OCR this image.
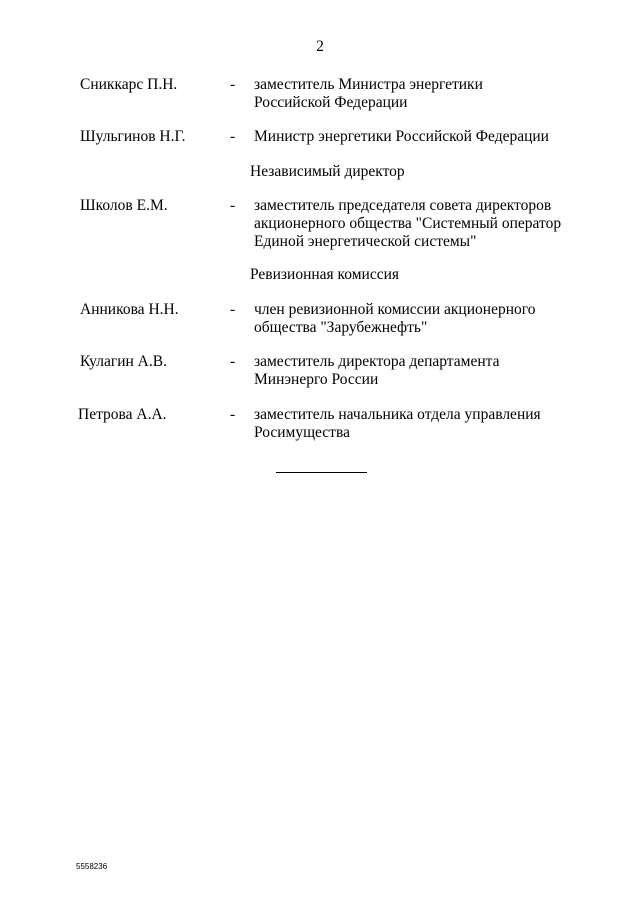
2
Сниккарс П.Н.	- заместитель Министра энергетики
Российской Федерации
Шульгинов Н.Г.	- Министр энергетики Российской Федерации
Независимый директор
Школов Е.М.	- заместитель председателя совета директоров
акционерного общества "Системный оператор
Единой энергетической системы"
Ревизионная комиссия
Анникова Н.Н.	- член ревизионной комиссии акционерного
общества "Зарубежнефть"
Кулагин А.В.	- заместитель директора департамента
Минэнерго России
Петрова А.А.	- заместитель начальника отдела управления
Росимущества
5558236
